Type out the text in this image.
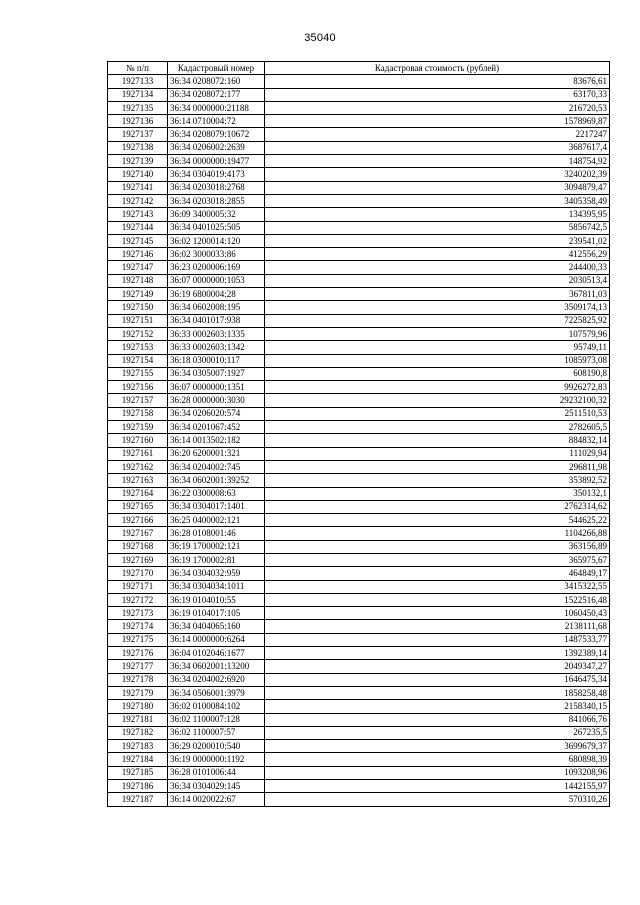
35040
№ п/п	Кадастровый номер	Кадастровая стоимость (рублей)
1927133	36:34 0208072:160	83676,61
1927134	36:34 0208072:177	63170,33
1927135	36:34 0000000:21188	216720,53
1927136	36:14 0710004:72	1578969,87
1927137	36:34 0208079:10672	2217247
1927138	36:34 0206002:2639	3687617,4
1927139	36:34 0000000:19477	148754,92
1927140	36:34 0304019:4173	3240202,39
1927141	36:34 0203018:2768	3094879,47
1927142	36:34 0203018:2855	3405358,49
1927143	36:09 3400005:32	134395,95
1927144	36:34 0401025:505	5856742,5
1927145	36:02 1200014:120	239541,02
1927146	36:02 3000033:86	412556,29
1927147	36:23 0200006:169	244400,33
1927148	36:07 0000000:1053	2030513,4
1927149	36:19 6800004:28	367811,03
1927150	36:34 0602008:195	3509174,13
1927151	36:34 0401017:938	7225825,92
1927152	36:33 0002603:1335	107579,96
1927153	36:33 0002603:1342	95749,11
1927154	36:18 0300010:117	1085973,08
1927155	36:34 0305007:1927	608190,8
1927156	36:07 0000000:1351	9926272,83
1927157	36:28 0000000:3030	29232100,32
1927158	36:34 0206020:574	2511510,53
1927159	36:34 0201067:452	2782605,5
1927160	36:14 0013502:182	884832,14
1927161	36:20 6200001:321	111029,94
1927162	36:34 0204002:745	296811,98
1927163	36:34 0602001:39252	353892,52
1927164	36:22 0300008:63	350132,1
1927165	36:34 0304017:1401	2762314,62
1927166	36:25 0400002:121	544625,22
1927167	36:28 0108001:46	1104266,88
1927168	36:19 1700002:121	363156,89
1927169	36:19 1700002:81	365975,67
1927170	36:34 0304032:959	464849,17
1927171	36:34 0304034:1011	3415322,55
1927172	36:19 0104010:55	1522516,48
1927173	36:19 0104017:105	1060450,43
1927174	36:34 0404065:160	2138111,68
1927175	36:14 0000000:6264	1487533,77
1927176	36:04 0102046:1677	1392389,14
1927177	36:34 0602001:13200	2049347,27
1927178	36:34 0204002:6920	1646475,34
1927179	36:34 0506001:3979	1858258,48
1927180	36:02 0100084:102	2158340,15
1927181	36:02 1100007:128	841066,76
1927182	36:02 1100007:57	267235,5
1927183	36:29 0200010:540	3699679,37
1927184	36:19 0000000:1192	680898,39
1927185	36:28 0101006:44	1093208,96
1927186	36:34 0304029:145	1442155,97
1927187	36:14 0020022:67	570310,26
